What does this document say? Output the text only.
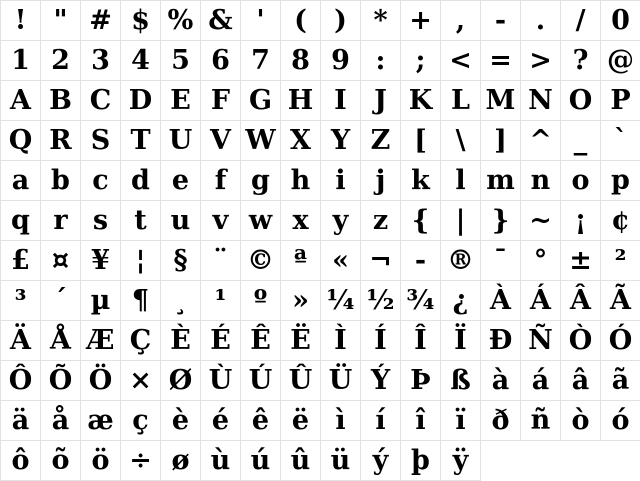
!	" # $ % & '	(	) * + ,	-	.	/ 0
1 2 3 4 5 6 7 8 9 :	; < = > ? @
A B C D E F G H I	J K L M N O P
Q R S T U V W X Y Z [	\	] ^ _ `
a b c d e f g h i	j k l m n o p
q r s t u v w x y z { | } ~ ¡ ¢
£ ¤ ¥ ¦	§ ¨ © ª « ¬ - ® ¯ ° ± ²
³	´ µ ¶ ¸	¹	º » ¼ ½ ¾ ¿ À Á Â Ã
Ä Å Æ Ç È É Ê Ë Ì	Í	Î	Ï Ð Ñ Ò Ó
Ô Õ Ö × Ø Ù Ú Û Ü Ý Þ ß à á â ã
ä å æ ç è é ê ë ì	í	î	ï ð ñ ò ó
ô õ ö ÷ ø ù ú û ü ý þ ÿ
